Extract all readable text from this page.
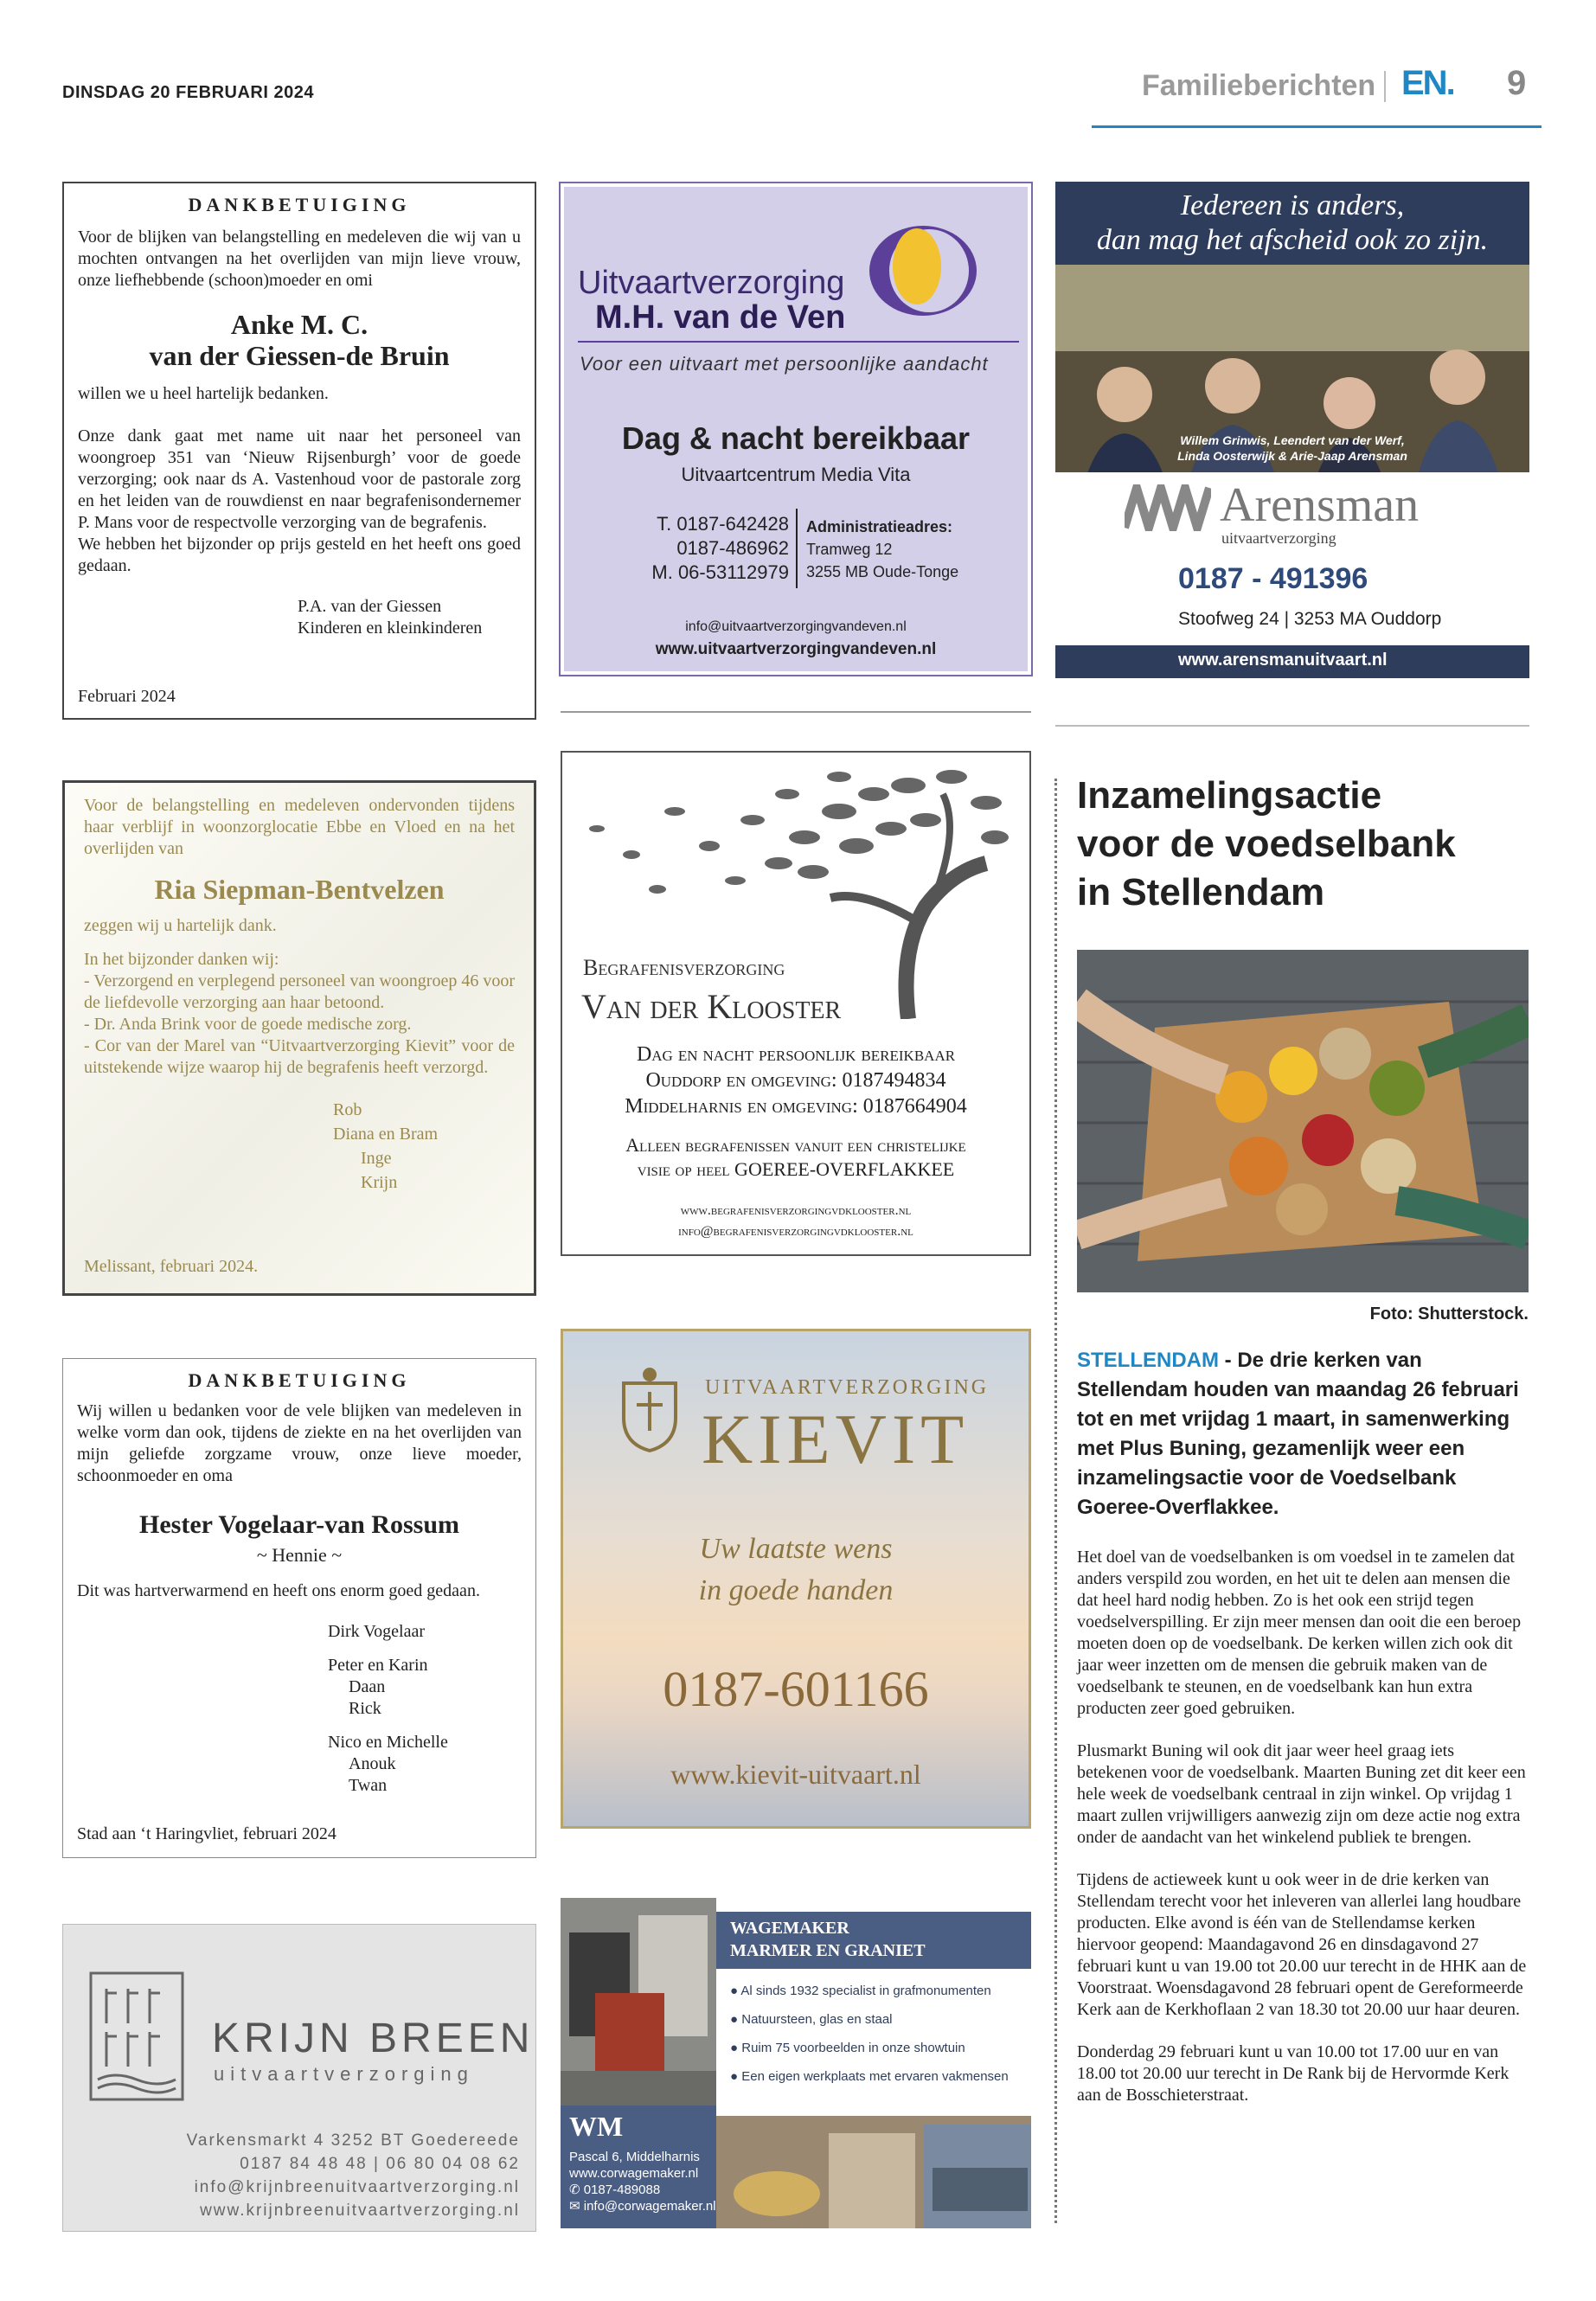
DINSDAG 20 FEBRUARI 2024	Familieberichten EN. 9
DANKBETUIGING
Voor de blijken van belangstelling en medeleven die wij van u mochten ontvangen na het overlijden van mijn lieve vrouw, onze liefhebbende (schoon)moeder en omi
Anke M. C.
van der Giessen-de Bruin
willen we u heel hartelijk bedanken.
Onze dank gaat met name uit naar het personeel van woongroep 351 van ‘Nieuw Rijsenburgh’ voor de goede verzorging; ook naar ds A. Vastenhoud voor de pastorale zorg en het leiden van de rouwdienst en naar begrafenisondernemer P. Mans voor de respectvolle verzorging van de begrafenis.
We hebben het bijzonder op prijs gesteld en het heeft ons goed gedaan.
P.A. van der Giessen
Kinderen en kleinkinderen
Februari 2024
Uitvaartverzorging
M.H. van de Ven
Voor een uitvaart met persoonlijke aandacht
Dag & nacht bereikbaar
Uitvaartcentrum Media Vita
T. 0187-642428
0187-486962
M. 06-53112979
Administratieadres:
Tramweg 12
3255 MB Oude-Tonge
info@uitvaartverzorgingvandeven.nl
www.uitvaartverzorgingvandeven.nl
Iedereen is anders,
dan mag het afscheid ook zo zijn.
Willem Grinwis, Leendert van der Werf,
Linda Oosterwijk & Arie-Jaap Arensman
Arensman
uitvaartverzorging
0187 - 491396
Stoofweg 24 | 3253 MA Ouddorp
www.arensmanuitvaart.nl
Voor de belangstelling en medeleven ondervonden tijdens haar verblijf in woonzorglocatie Ebbe en Vloed en na het overlijden van
Ria Siepman-Bentvelzen
zeggen wij u hartelijk dank.
In het bijzonder danken wij:
- Verzorgend en verplegend personeel van woongroep 46 voor de liefdevolle verzorging aan haar betoond.
- Dr. Anda Brink voor de goede medische zorg.
- Cor van der Marel van “Uitvaartverzorging Kievit” voor de uitstekende wijze waarop hij de begrafenis heeft verzorgd.
Rob
Diana en Bram
Inge
Krijn
Melissant, februari 2024.
Begrafenisverzorging
Van der Klooster
Dag en nacht persoonlijk bereikbaar
Ouddorp en omgeving: 0187494834
Middelharnis en omgeving: 0187664904
Alleen begrafenissen vanuit een christelijke
visie op heel GOEREE-OVERFLAKKEE
www.begrafenisverzorgingvdklooster.nl
info@begrafenisverzorgingvdklooster.nl
Inzamelingsactie
voor de voedselbank
in Stellendam
Foto: Shutterstock.
STELLENDAM - De drie kerken van Stellendam houden van maandag 26 februari tot en met vrijdag 1 maart, in samenwerking met Plus Buning, gezamenlijk weer een inzamelingsactie voor de Voedselbank Goeree-Overflakkee.

Het doel van de voedselbanken is om voedsel in te zamelen dat anders verspild zou worden, en het uit te delen aan mensen die dat heel hard nodig hebben. Zo is het ook een strijd tegen voedselverspilling. Er zijn meer mensen dan ooit die een beroep moeten doen op de voedselbank. De kerken willen zich ook dit jaar weer inzetten om de mensen die gebruik maken van de voedselbank te steunen, en de voedselbank kan hun extra producten zeer goed gebruiken.

Plusmarkt Buning wil ook dit jaar weer heel graag iets betekenen voor de voedselbank. Maarten Buning zet dit keer een hele week de voedselbank centraal in zijn winkel. Op vrijdag 1 maart zullen vrijwilligers aanwezig zijn om deze actie nog extra onder de aandacht van het winkelend publiek te brengen.

Tijdens de actieweek kunt u ook weer in de drie kerken van Stellendam terecht voor het inleveren van allerlei lang houdbare producten. Elke avond is één van de Stellendamse kerken hiervoor geopend: Maandagavond 26 en dinsdagavond 27 februari kunt u van 19.00 tot 20.00 uur terecht in de HHK aan de Voorstraat. Woensdagavond 28 februari opent de Gereformeerde Kerk aan de Kerkhoflaan 2 van 18.30 tot 20.00 uur haar deuren.

Donderdag 29 februari kunt u van 10.00 tot 17.00 uur en van 18.00 tot 20.00 uur terecht in De Rank bij de Hervormde Kerk aan de Bosschieterstraat.

DANKBETUIGING
Wij willen u bedanken voor de vele blijken van medeleven in welke vorm dan ook, tijdens de ziekte en na het overlijden van mijn geliefde zorgzame vrouw, onze lieve moeder, schoonmoeder en oma
Hester Vogelaar-van Rossum
~ Hennie ~
Dit was hartverwarmend en heeft ons enorm goed gedaan.
Dirk Vogelaar
Peter en Karin
Daan
Rick
Nico en Michelle
Anouk
Twan
Stad aan ‘t Haringvliet, februari 2024
UITVAARTVERZORGING
KIEVIT
Uw laatste wens
in goede handen
0187-601166
www.kievit-uitvaart.nl
KRIJN BREEN
uitvaartverzorging
Varkensmarkt 4 3252 BT Goedereede
0187 84 48 48 | 06 80 04 08 62
info@krijnbreenuitvaartverzorging.nl
www.krijnbreenuitvaartverzorging.nl
WAGEMAKER
MARMER EN GRANIET
● Al sinds 1932 specialist in grafmonumenten
● Natuursteen, glas en staal
● Ruim 75 voorbeelden in onze showtuin
● Een eigen werkplaats met ervaren vakmensen
WM
Pascal 6, Middelharnis
www.corwagemaker.nl
✆ 0187-489088
✉ info@corwagemaker.nl
